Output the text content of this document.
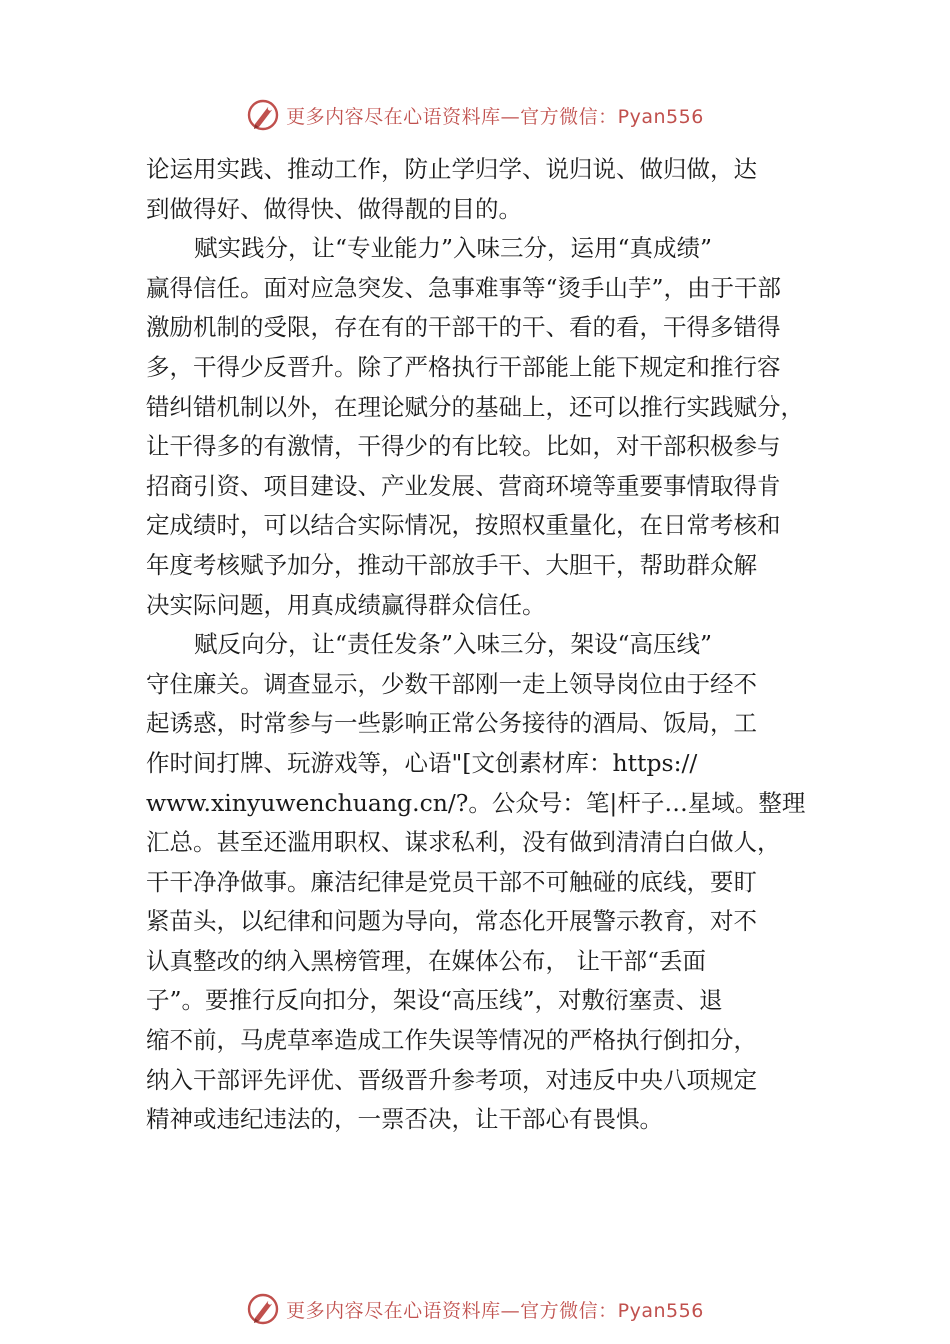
更多内容尽在心语资料库—官方微信：Pyan556

论运用实践、推动工作，防止学归学、说归说、做归做，达
到做得好、做得快、做得靓的目的。

赋实践分，让“专业能力”入味三分，运用“真成绩”
赢得信任。面对应急突发、急事难事等“烫手山芋”，由于干部
激励机制的受限，存在有的干部干的干、看的看，干得多错得
多，干得少反晋升。除了严格执行干部能上能下规定和推行容
错纠错机制以外，在理论赋分的基础上，还可以推行实践赋分，
让干得多的有激情，干得少的有比较。比如，对干部积极参与
招商引资、项目建设、产业发展、营商环境等重要事情取得肯
定成绩时，可以结合实际情况，按照权重量化，在日常考核和
年度考核赋予加分，推动干部放手干、大胆干，帮助群众解
决实际问题，用真成绩赢得群众信任。

赋反向分，让“责任发条”入味三分，架设“高压线”
守住廉关。调查显示，少数干部刚一走上领导岗位由于经不
起诱惑，时常参与一些影响正常公务接待的酒局、饭局，工
作时间打牌、玩游戏等，心语"[文创素材库：https://
www.xinyuwenchuang.cn/?。公众号：笔|杆子…星域。整理
汇总。甚至还滥用职权、谋求私利，没有做到清清白白做人，
干干净净做事。廉洁纪律是党员干部不可触碰的底线，要盯
紧苗头，以纪律和问题为导向，常态化开展警示教育，对不
认真整改的纳入黑榜管理，在媒体公布， 让干部“丢面
子”。要推行反向扣分，架设“高压线”，对敷衍塞责、退
缩不前，马虎草率造成工作失误等情况的严格执行倒扣分，
纳入干部评先评优、晋级晋升参考项，对违反中央八项规定
精神或违纪违法的，一票否决，让干部心有畏惧。

更多内容尽在心语资料库—官方微信：Pyan556
